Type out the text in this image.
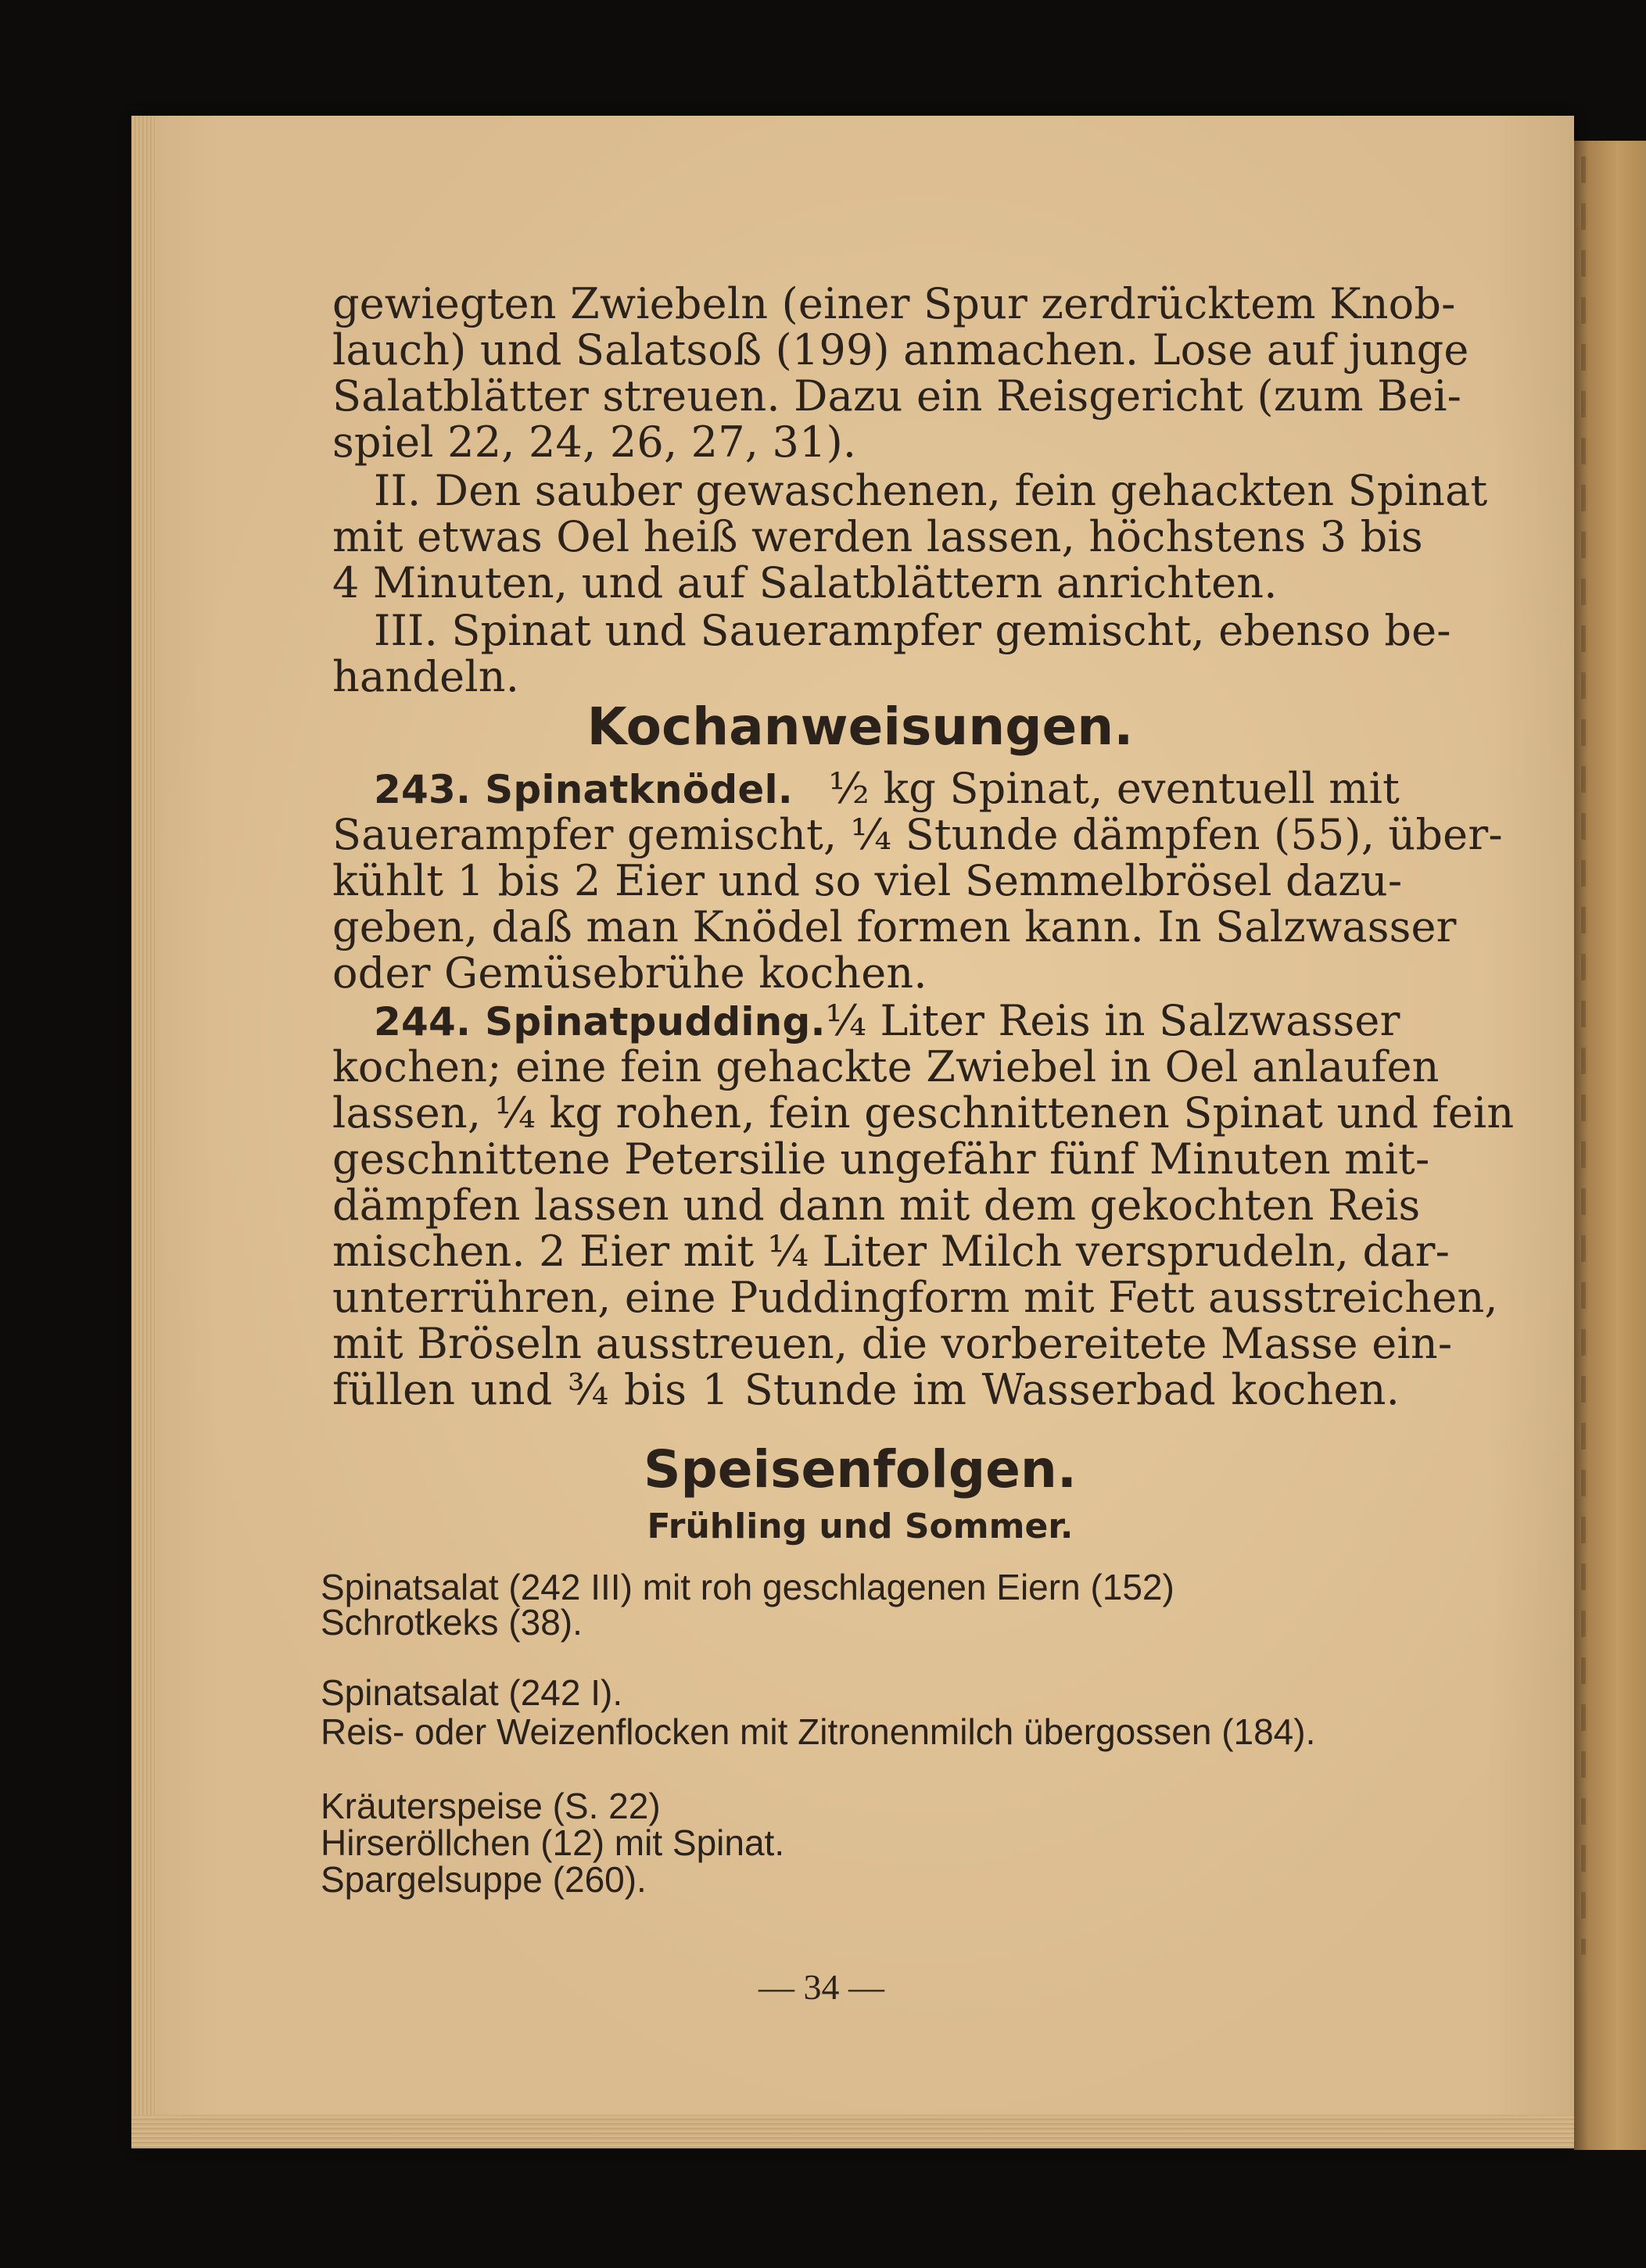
gewiegten Zwiebeln (einer Spur zerdrücktem Knob-
lauch) und Salatsoß (199) anmachen. Lose auf junge
Salatblätter streuen. Dazu ein Reisgericht (zum Bei-
spiel 22, 24, 26, 27, 31).
II. Den sauber gewaschenen, fein gehackten Spinat
mit etwas Oel heiß werden lassen, höchstens 3 bis
4 Minuten, und auf Salatblättern anrichten.
III. Spinat und Sauerampfer gemischt, ebenso be-
handeln.
Kochanweisungen.
243. Spinatknödel. ½ kg Spinat, eventuell mit
Sauerampfer gemischt, ¼ Stunde dämpfen (55), über-
kühlt 1 bis 2 Eier und so viel Semmelbrösel dazu-
geben, daß man Knödel formen kann. In Salzwasser
oder Gemüsebrühe kochen.
244. Spinatpudding. ¼ Liter Reis in Salzwasser
kochen; eine fein gehackte Zwiebel in Oel anlaufen
lassen, ¼ kg rohen, fein geschnittenen Spinat und fein
geschnittene Petersilie ungefähr fünf Minuten mit-
dämpfen lassen und dann mit dem gekochten Reis
mischen. 2 Eier mit ¼ Liter Milch versprudeln, dar-
unterrühren, eine Puddingform mit Fett ausstreichen,
mit Bröseln ausstreuen, die vorbereitete Masse ein-
füllen und ¾ bis 1 Stunde im Wasserbad kochen.
Speisenfolgen.
Frühling und Sommer.
Spinatsalat (242 III) mit roh geschlagenen Eiern (152)
Schrotkeks (38).
Spinatsalat (242 I).
Reis- oder Weizenflocken mit Zitronenmilch übergossen (184).
Kräuterspeise (S. 22)
Hirseröllchen (12) mit Spinat.
Spargelsuppe (260).
— 34 —
